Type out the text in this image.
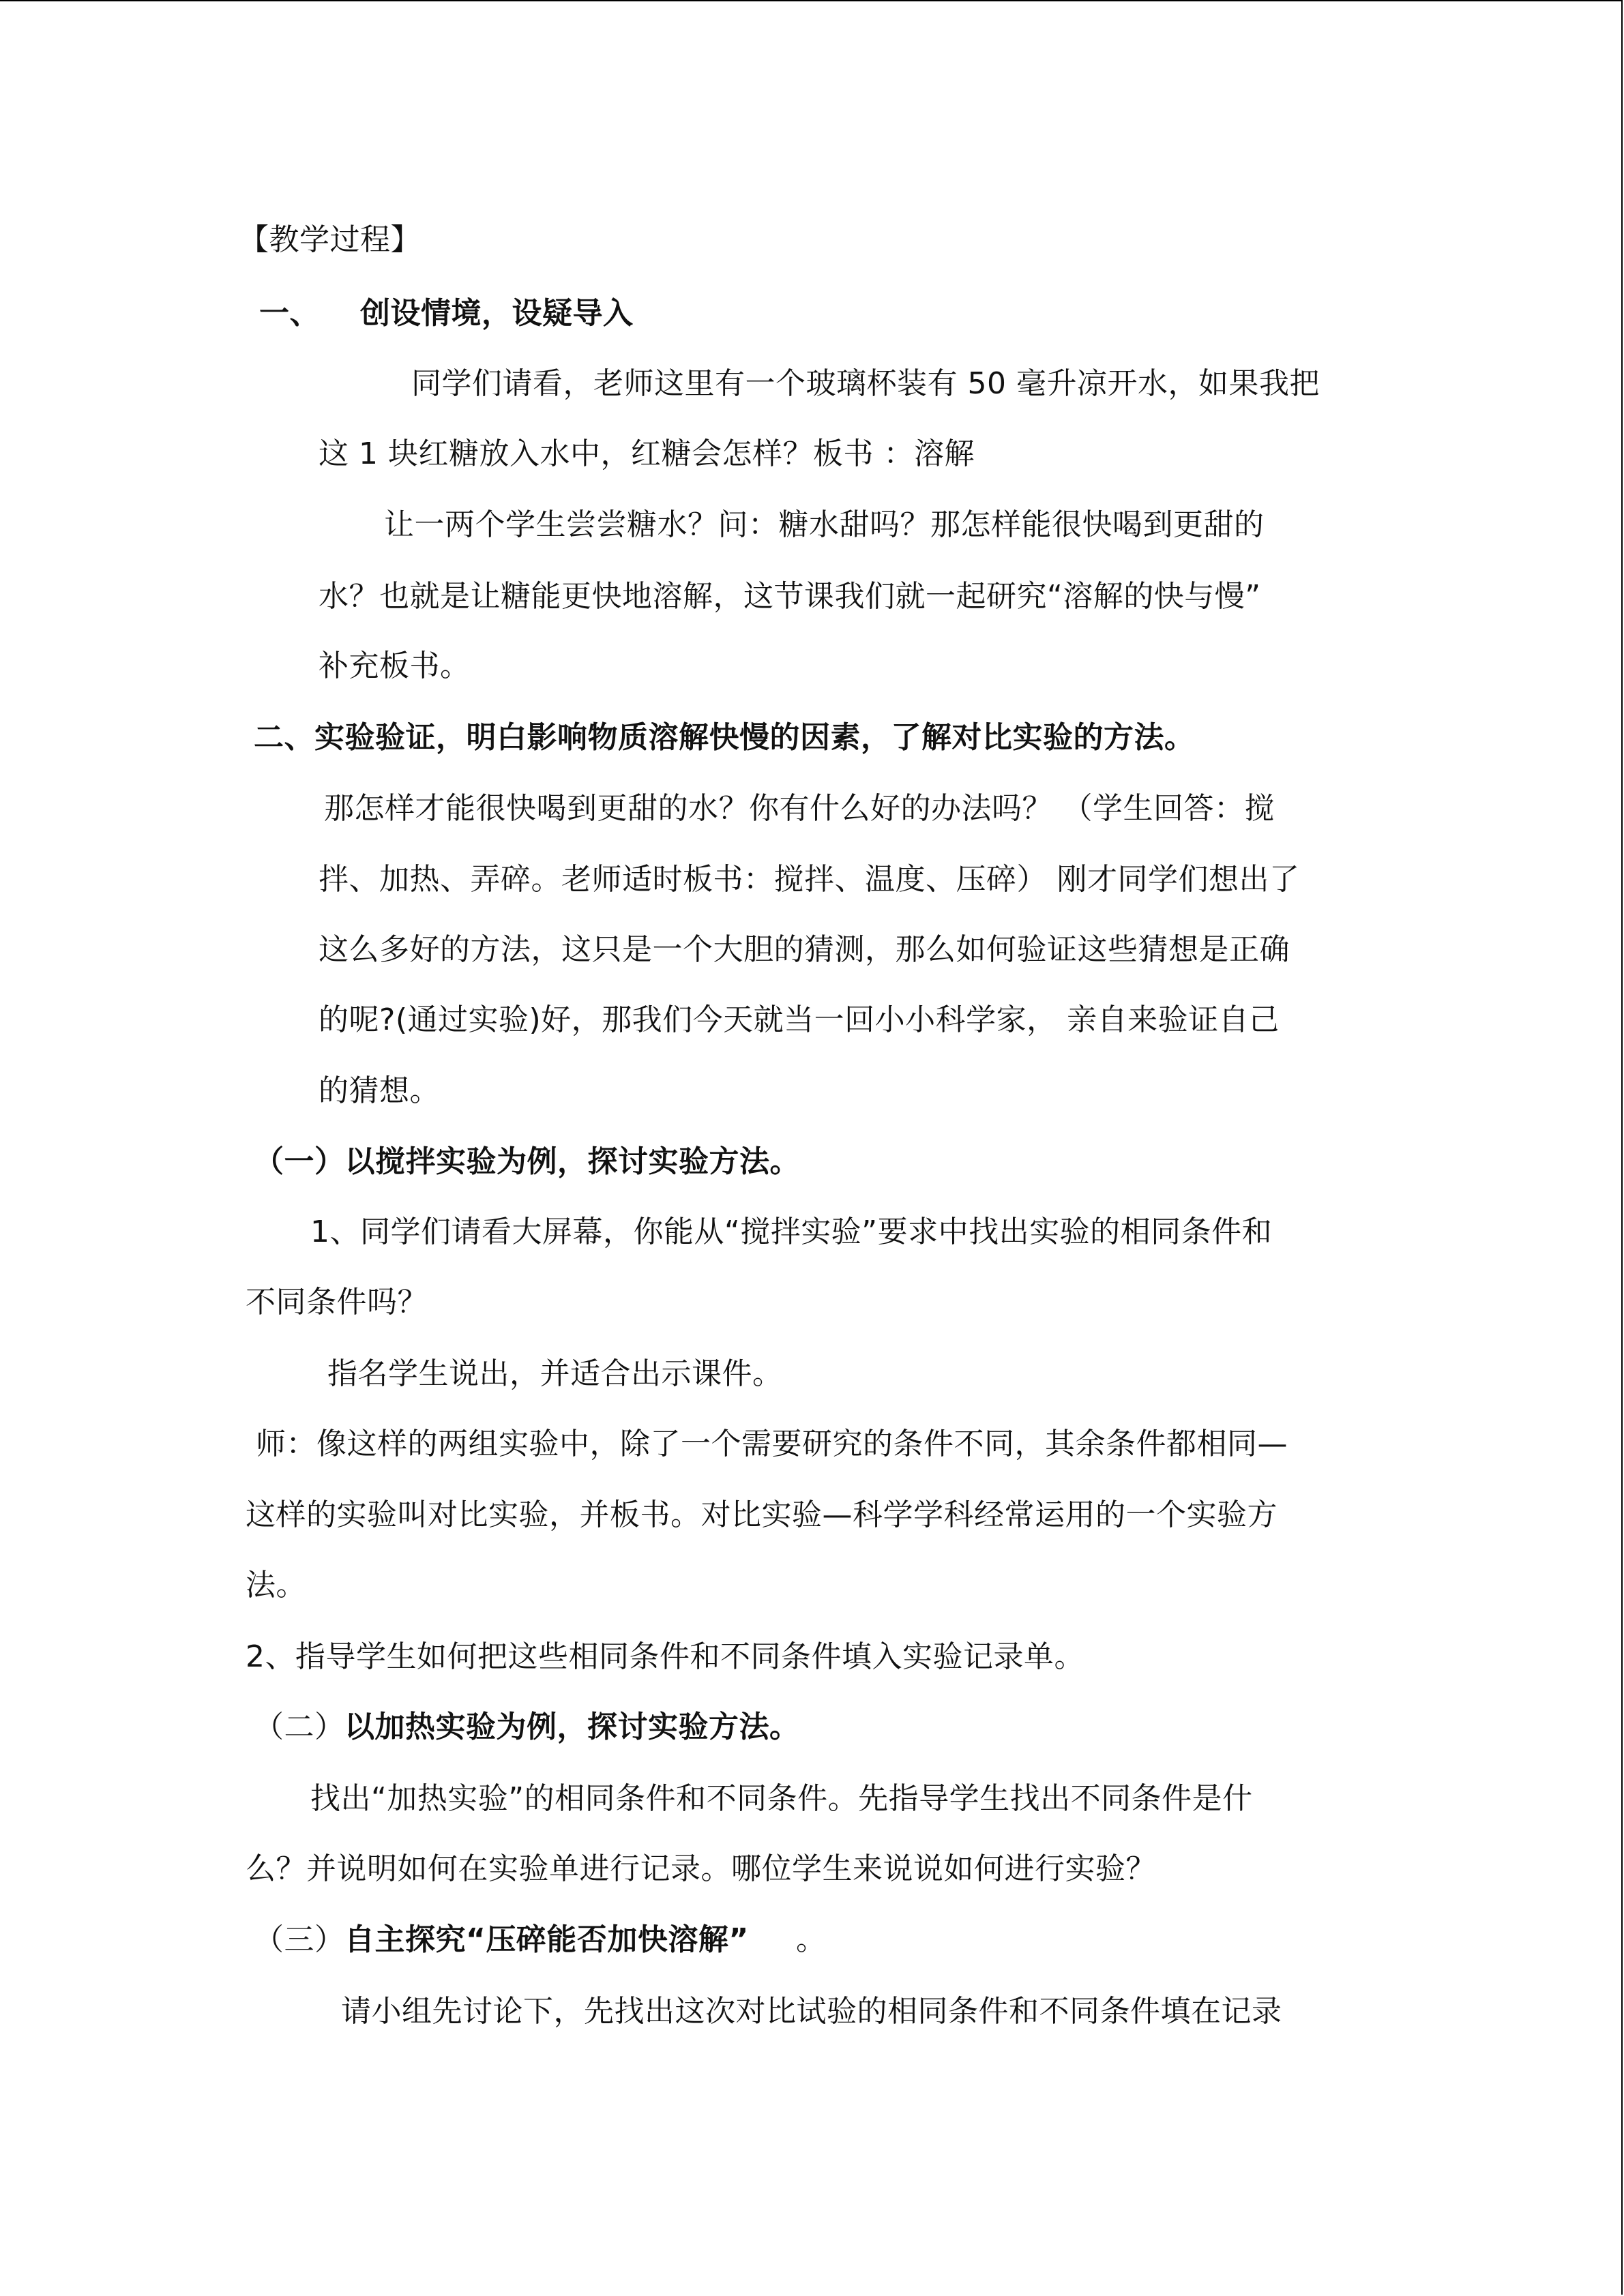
【教学过程】
一、 创设情境，设疑导入
同学们请看，老师这里有一个玻璃杯装有 50 毫升凉开水，如果我把
这 1 块红糖放入水中，红糖会怎样？板书 ：溶解
让一两个学生尝尝糖水？问：糖水甜吗？那怎样能很快喝到更甜的
水？也就是让糖能更快地溶解，这节课我们就一起研究“溶解的快与慢”
补充板书。
二、实验验证，明白影响物质溶解快慢的因素，了解对比实验的方法。
那怎样才能很快喝到更甜的水？你有什么好的办法吗？ （学生回答：搅
拌、加热、弄碎。老师适时板书：搅拌、温度、压碎） 刚才同学们想出了
这么多好的方法，这只是一个大胆的猜测，那么如何验证这些猜想是正确
的呢?(通过实验)好，那我们今天就当一回小小科学家， 亲自来验证自己
的猜想。
（一）以搅拌实验为例，探讨实验方法。
1、同学们请看大屏幕，你能从“搅拌实验”要求中找出实验的相同条件和
不同条件吗？
指名学生说出，并适合出示课件。
师：像这样的两组实验中，除了一个需要研究的条件不同，其余条件都相同—
这样的实验叫对比实验，并板书。对比实验—科学学科经常运用的一个实验方
法。
2、指导学生如何把这些相同条件和不同条件填入实验记录单。
（二） 以加热实验为例，探讨实验方法。
找出“加热实验”的相同条件和不同条件。先指导学生找出不同条件是什
么？并说明如何在实验单进行记录。哪位学生来说说如何进行实验？
（三） 自主探究“压碎能否加快溶解” 。
请小组先讨论下，先找出这次对比试验的相同条件和不同条件填在记录
